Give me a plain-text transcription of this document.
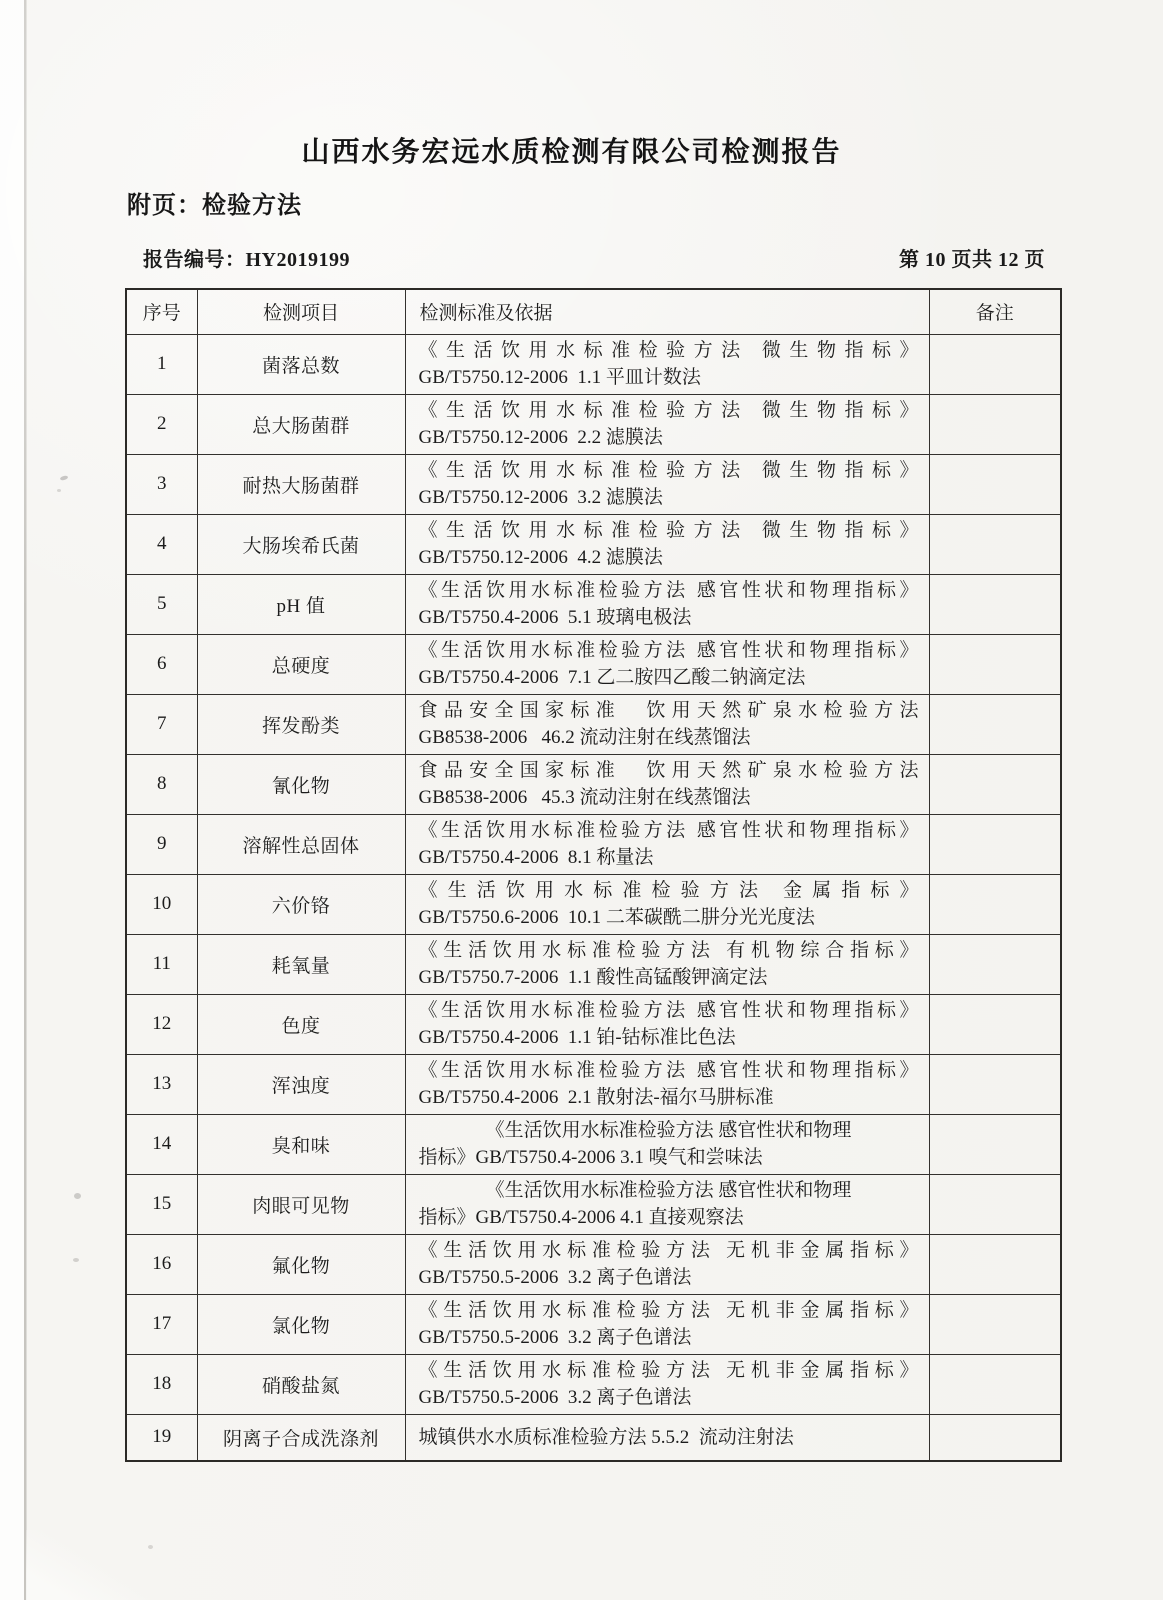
山西水务宏远水质检测有限公司检测报告
附页：检验方法
报告编号：HY2019199	第 10 页共 12 页
序号	检测项目	检测标准及依据	备注
1	菌落总数	《生活饮用水标准检验方法 微生物指标》
GB/T5750.12-2006  1.1 平皿计数法	

2	总大肠菌群	《生活饮用水标准检验方法 微生物指标》
GB/T5750.12-2006  2.2 滤膜法	

3	耐热大肠菌群	《生活饮用水标准检验方法 微生物指标》
GB/T5750.12-2006  3.2 滤膜法	

4	大肠埃希氏菌	《生活饮用水标准检验方法 微生物指标》
GB/T5750.12-2006  4.2 滤膜法	

5	pH 值	《生活饮用水标准检验方法 感官性状和物理指标》
GB/T5750.4-2006  5.1 玻璃电极法	

6	总硬度	《生活饮用水标准检验方法 感官性状和物理指标》
GB/T5750.4-2006  7.1 乙二胺四乙酸二钠滴定法	

7	挥发酚类	食品安全国家标准　饮用天然矿泉水检验方法
GB8538-2006   46.2 流动注射在线蒸馏法	

8	氰化物	食品安全国家标准　饮用天然矿泉水检验方法
GB8538-2006   45.3 流动注射在线蒸馏法	

9	溶解性总固体	《生活饮用水标准检验方法 感官性状和物理指标》
GB/T5750.4-2006  8.1 称量法	

10	六价铬	《生活饮用水标准检验方法 金属指标》
GB/T5750.6-2006  10.1 二苯碳酰二肼分光光度法	

11	耗氧量	《生活饮用水标准检验方法 有机物综合指标》
GB/T5750.7-2006  1.1 酸性高锰酸钾滴定法	

12	色度	《生活饮用水标准检验方法 感官性状和物理指标》
GB/T5750.4-2006  1.1 铂-钴标准比色法	

13	浑浊度	《生活饮用水标准检验方法 感官性状和物理指标》
GB/T5750.4-2006  2.1 散射法-福尔马肼标准	

14	臭和味	《生活饮用水标准检验方法 感官性状和物理
指标》GB/T5750.4-2006 3.1 嗅气和尝味法	

15	肉眼可见物	《生活饮用水标准检验方法 感官性状和物理
指标》GB/T5750.4-2006 4.1 直接观察法	

16	氟化物	《生活饮用水标准检验方法 无机非金属指标》
GB/T5750.5-2006  3.2 离子色谱法	

17	氯化物	《生活饮用水标准检验方法 无机非金属指标》
GB/T5750.5-2006  3.2 离子色谱法	

18	硝酸盐氮	《生活饮用水标准检验方法 无机非金属指标》
GB/T5750.5-2006  3.2 离子色谱法	

19	阴离子合成洗涤剂	城镇供水水质标准检验方法 5.5.2  流动注射法	
